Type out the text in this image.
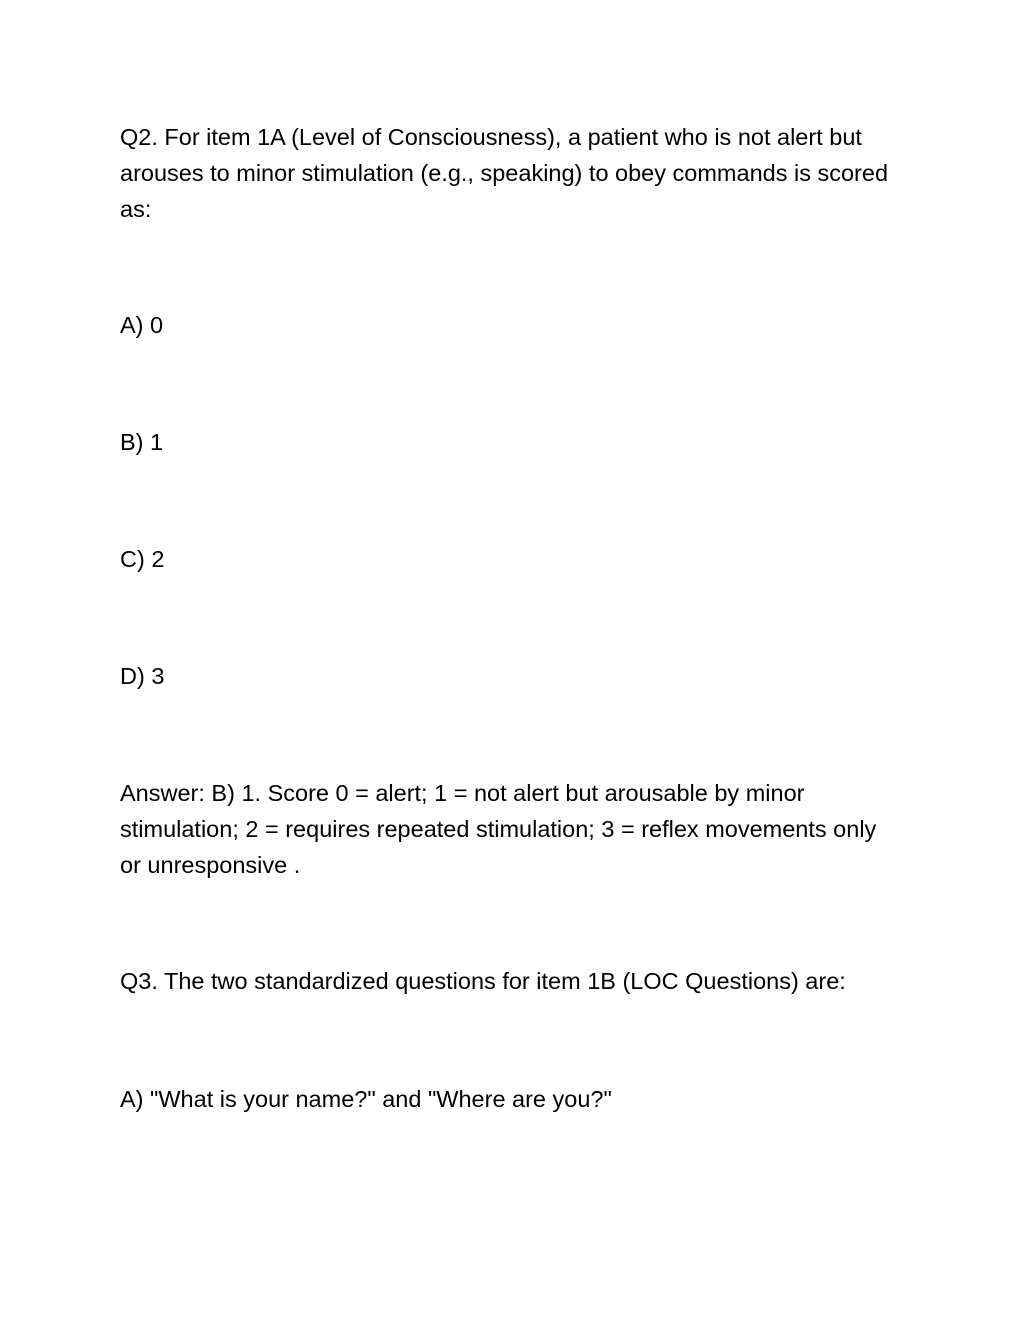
Q2. For item 1A (Level of Consciousness), a patient who is not alert but arouses to minor stimulation (e.g., speaking) to obey commands is scored as:

A) 0

B) 1

C) 2

D) 3

Answer: B) 1. Score 0 = alert; 1 = not alert but arousable by minor stimulation; 2 = requires repeated stimulation; 3 = reflex movements only or unresponsive .

Q3. The two standardized questions for item 1B (LOC Questions) are:

A) "What is your name?" and "Where are you?"
